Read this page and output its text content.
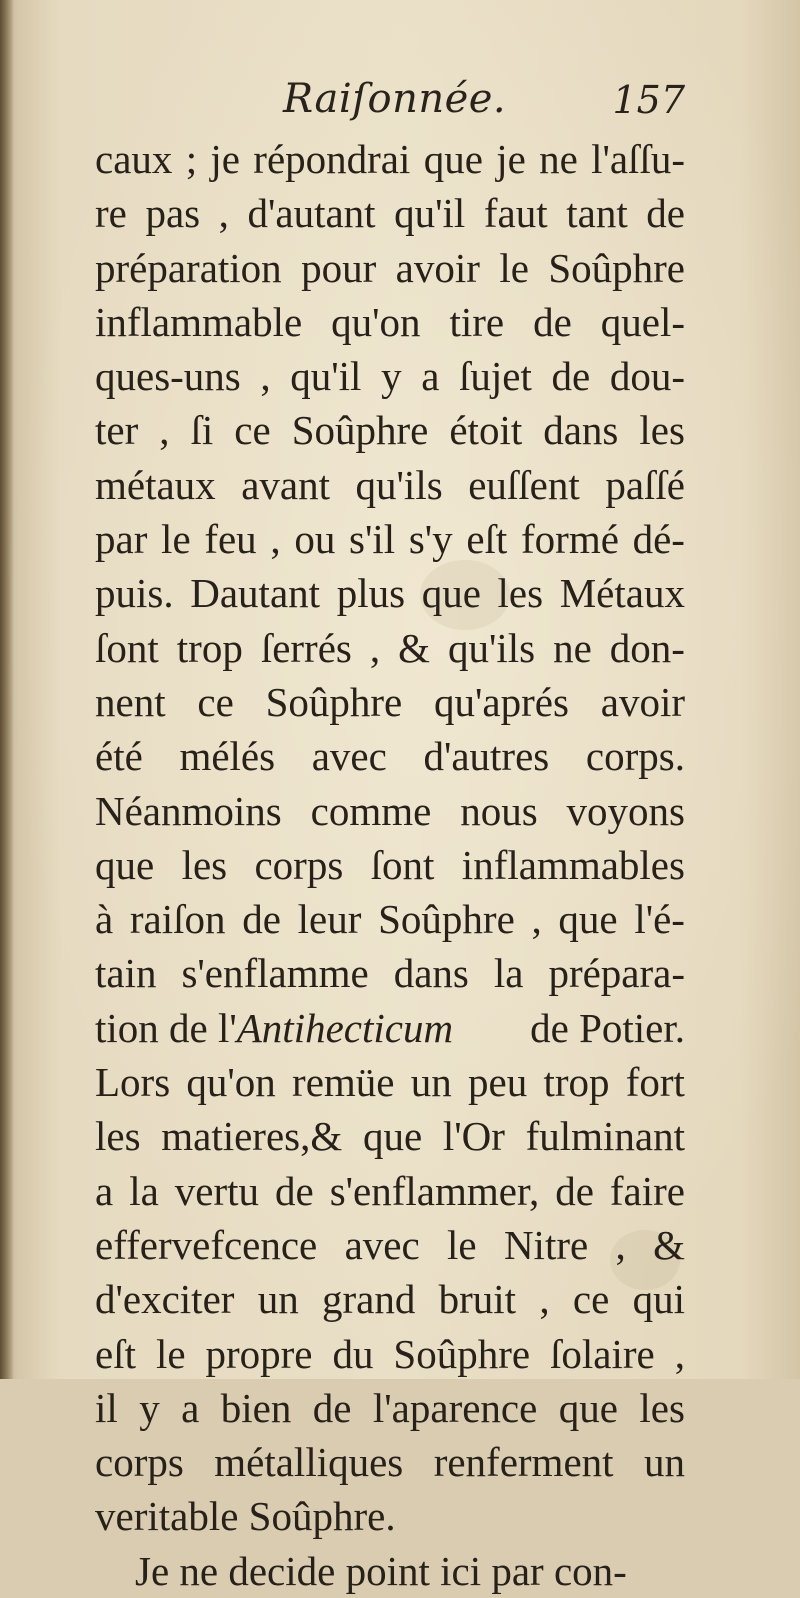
Raiſonnée.	157
caux ; je répondrai que je ne l'aſſu-
re pas , d'autant qu'il faut tant de
préparation pour avoir le Soûphre
inflammable qu'on tire de quel-
ques-uns , qu'il y a ſujet de dou-
ter , ſi ce Soûphre étoit dans les
métaux avant qu'ils euſſent paſſé
par le feu , ou s'il s'y eſt formé dé-
puis. Dautant plus que les Métaux
ſont trop ſerrés , & qu'ils ne don-
nent ce Soûphre qu'aprés avoir
été mélés avec d'autres corps.
Néanmoins comme nous voyons
que les corps ſont inflammables
à raiſon de leur Soûphre , que l'é-
tain s'enflamme dans la prépara-
tion de l'Antihecticum de Potier.
Lors qu'on remüe un peu trop fort
les matieres,& que l'Or fulminant
a la vertu de s'enflammer, de faire
effervefcence avec le Nitre , &
d'exciter un grand bruit , ce qui
eſt le propre du Soûphre ſolaire ,
il y a bien de l'aparence que les
corps métalliques renferment un
veritable Soûphre.
Je ne decide point ici par con-
